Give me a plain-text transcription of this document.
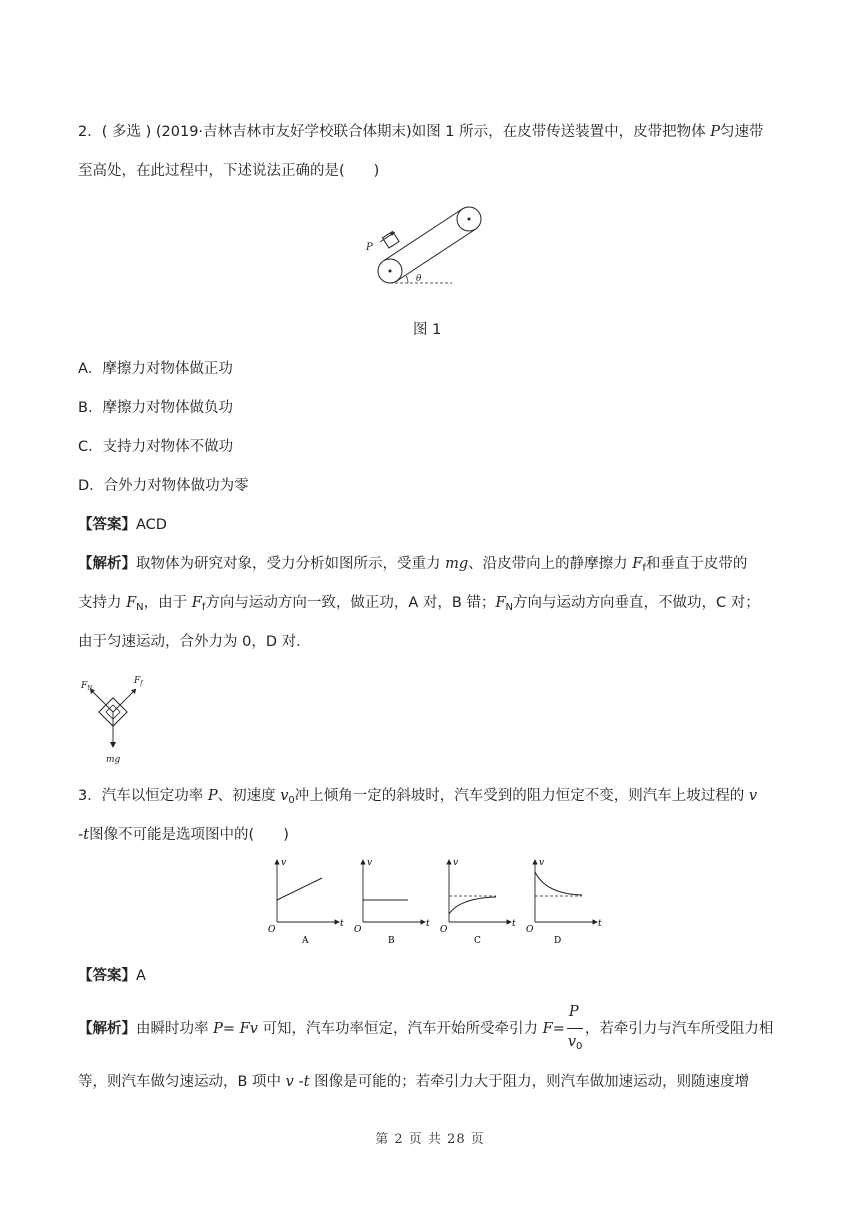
2．( 多选 ) (2019·吉林吉林市友好学校联合体期末)如图 1 所示，在皮带传送装置中，皮带把物体 P匀速带
至高处，在此过程中，下述说法正确的是(　　)
P
θ
图 1
A．摩擦力对物体做正功
B．摩擦力对物体做负功
C．支持力对物体不做功
D．合外力对物体做功为零
【答案】ACD
【解析】取物体为研究对象，受力分析如图所示，受重力 mg、沿皮带向上的静摩擦力 $F_f$和垂直于皮带的
支持力 $F_N$，由于 $F_f$方向与运动方向一致，做正功，A 对，B 错；$F_N$方向与运动方向垂直，不做功，C 对；
由于匀速运动，合外力为 0，D 对．
$F_N$
$F_f$
mg
3．汽车以恒定功率 P、初速度 $v_0$冲上倾角一定的斜坡时，汽车受到的阻力恒定不变，则汽车上坡过程的 v
-t图像不可能是选项图中的(　　)
v
t
O
A
v
t
O
B
v
t
O
C
v
t
O
D
【答案】A
【解析】由瞬时功率 P= Fv 可知，汽车功率恒定，汽车开始所受牵引力 $F= \frac{P}{v_0}$ ，若牵引力与汽车所受阻力相
等，则汽车做匀速运动，B 项中 v -t 图像是可能的；若牵引力大于阻力，则汽车做加速运动，则随速度增
第 2 页 共 28 页
